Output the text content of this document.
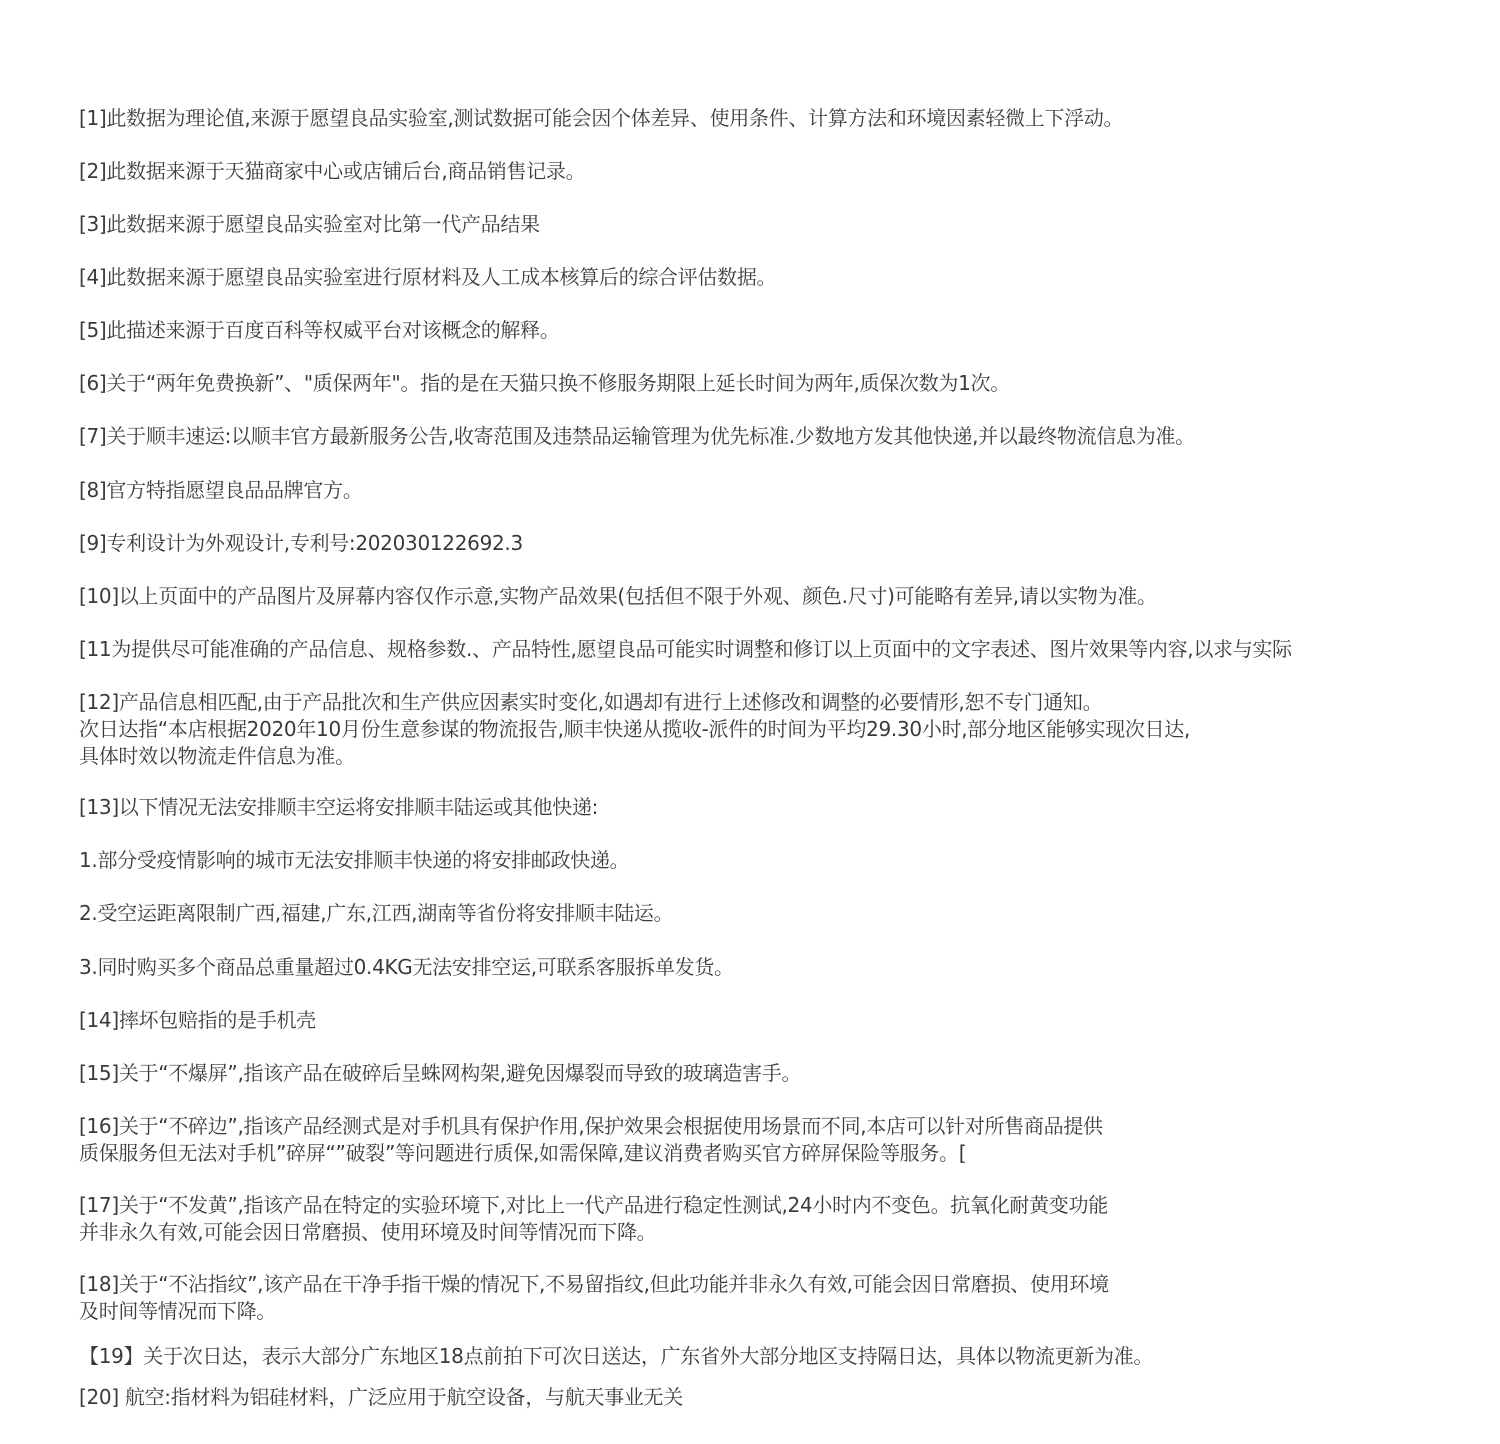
[1]此数据为理论值,来源于愿望良品实验室,测试数据可能会因个体差异、使用条件、计算方法和环境因素轻微上下浮动。
[2]此数据来源于天猫商家中心或店铺后台,商品销售记录。
[3]此数据来源于愿望良品实验室对比第一代产品结果
[4]此数据来源于愿望良品实验室进行原材料及人工成本核算后的综合评估数据。
[5]此描述来源于百度百科等权威平台对该概念的解释。
[6]关于“两年免费换新”、"质保两年"。指的是在天猫只换不修服务期限上延长时间为两年,质保次数为1次。
[7]关于顺丰速运:以顺丰官方最新服务公告,收寄范围及违禁品运输管理为优先标准.少数地方发其他快递,并以最终物流信息为准。
[8]官方特指愿望良品品牌官方。
[9]专利设计为外观设计,专利号:202030122692.3
[10]以上页面中的产品图片及屏幕内容仅作示意,实物产品效果(包括但不限于外观、颜色.尺寸)可能略有差异,请以实物为准。
[11为提供尽可能准确的产品信息、规格参数.、产品特性,愿望良品可能实时调整和修订以上页面中的文字表述、图片效果等内容,以求与实际
[12]产品信息相匹配,由于产品批次和生产供应因素实时变化,如遇却有进行上述修改和调整的必要情形,恕不专门通知。
次日达指“本店根据2020年10月份生意参谋的物流报告,顺丰快递从揽收-派件的时间为平均29.30小时,部分地区能够实现次日达,
具体时效以物流走件信息为准。
[13]以下情况无法安排顺丰空运将安排顺丰陆运或其他快递:
1.部分受疫情影响的城市无法安排顺丰快递的将安排邮政快递。
2.受空运距离限制广西,福建,广东,江西,湖南等省份将安排顺丰陆运。
3.同时购买多个商品总重量超过0.4KG无法安排空运,可联系客服拆单发货。
[14]摔坏包赔指的是手机壳
[15]关于“不爆屏”,指该产品在破碎后呈蛛网构架,避免因爆裂而导致的玻璃造害手。
[16]关于“不碎边”,指该产品经测式是对手机具有保护作用,保护效果会根据使用场景而不同,本店可以针对所售商品提供
质保服务但无法对手机”碎屏“”破裂”等问题进行质保,如需保障,建议消费者购买官方碎屏保险等服务。[
[17]关于“不发黄”,指该产品在特定的实验环境下,对比上一代产品进行稳定性测试,24小时内不变色。抗氧化耐黄变功能
并非永久有效,可能会因日常磨损、使用环境及时间等情况而下降。
[18]关于“不沾指纹”,该产品在干净手指干燥的情况下,不易留指纹,但此功能并非永久有效,可能会因日常磨损、使用环境
及时间等情况而下降。
【19】关于次日达，表示大部分广东地区18点前拍下可次日送达，广东省外大部分地区支持隔日达，具体以物流更新为准。
[20] 航空:指材料为铝硅材料，广泛应用于航空设备，与航天事业无关
